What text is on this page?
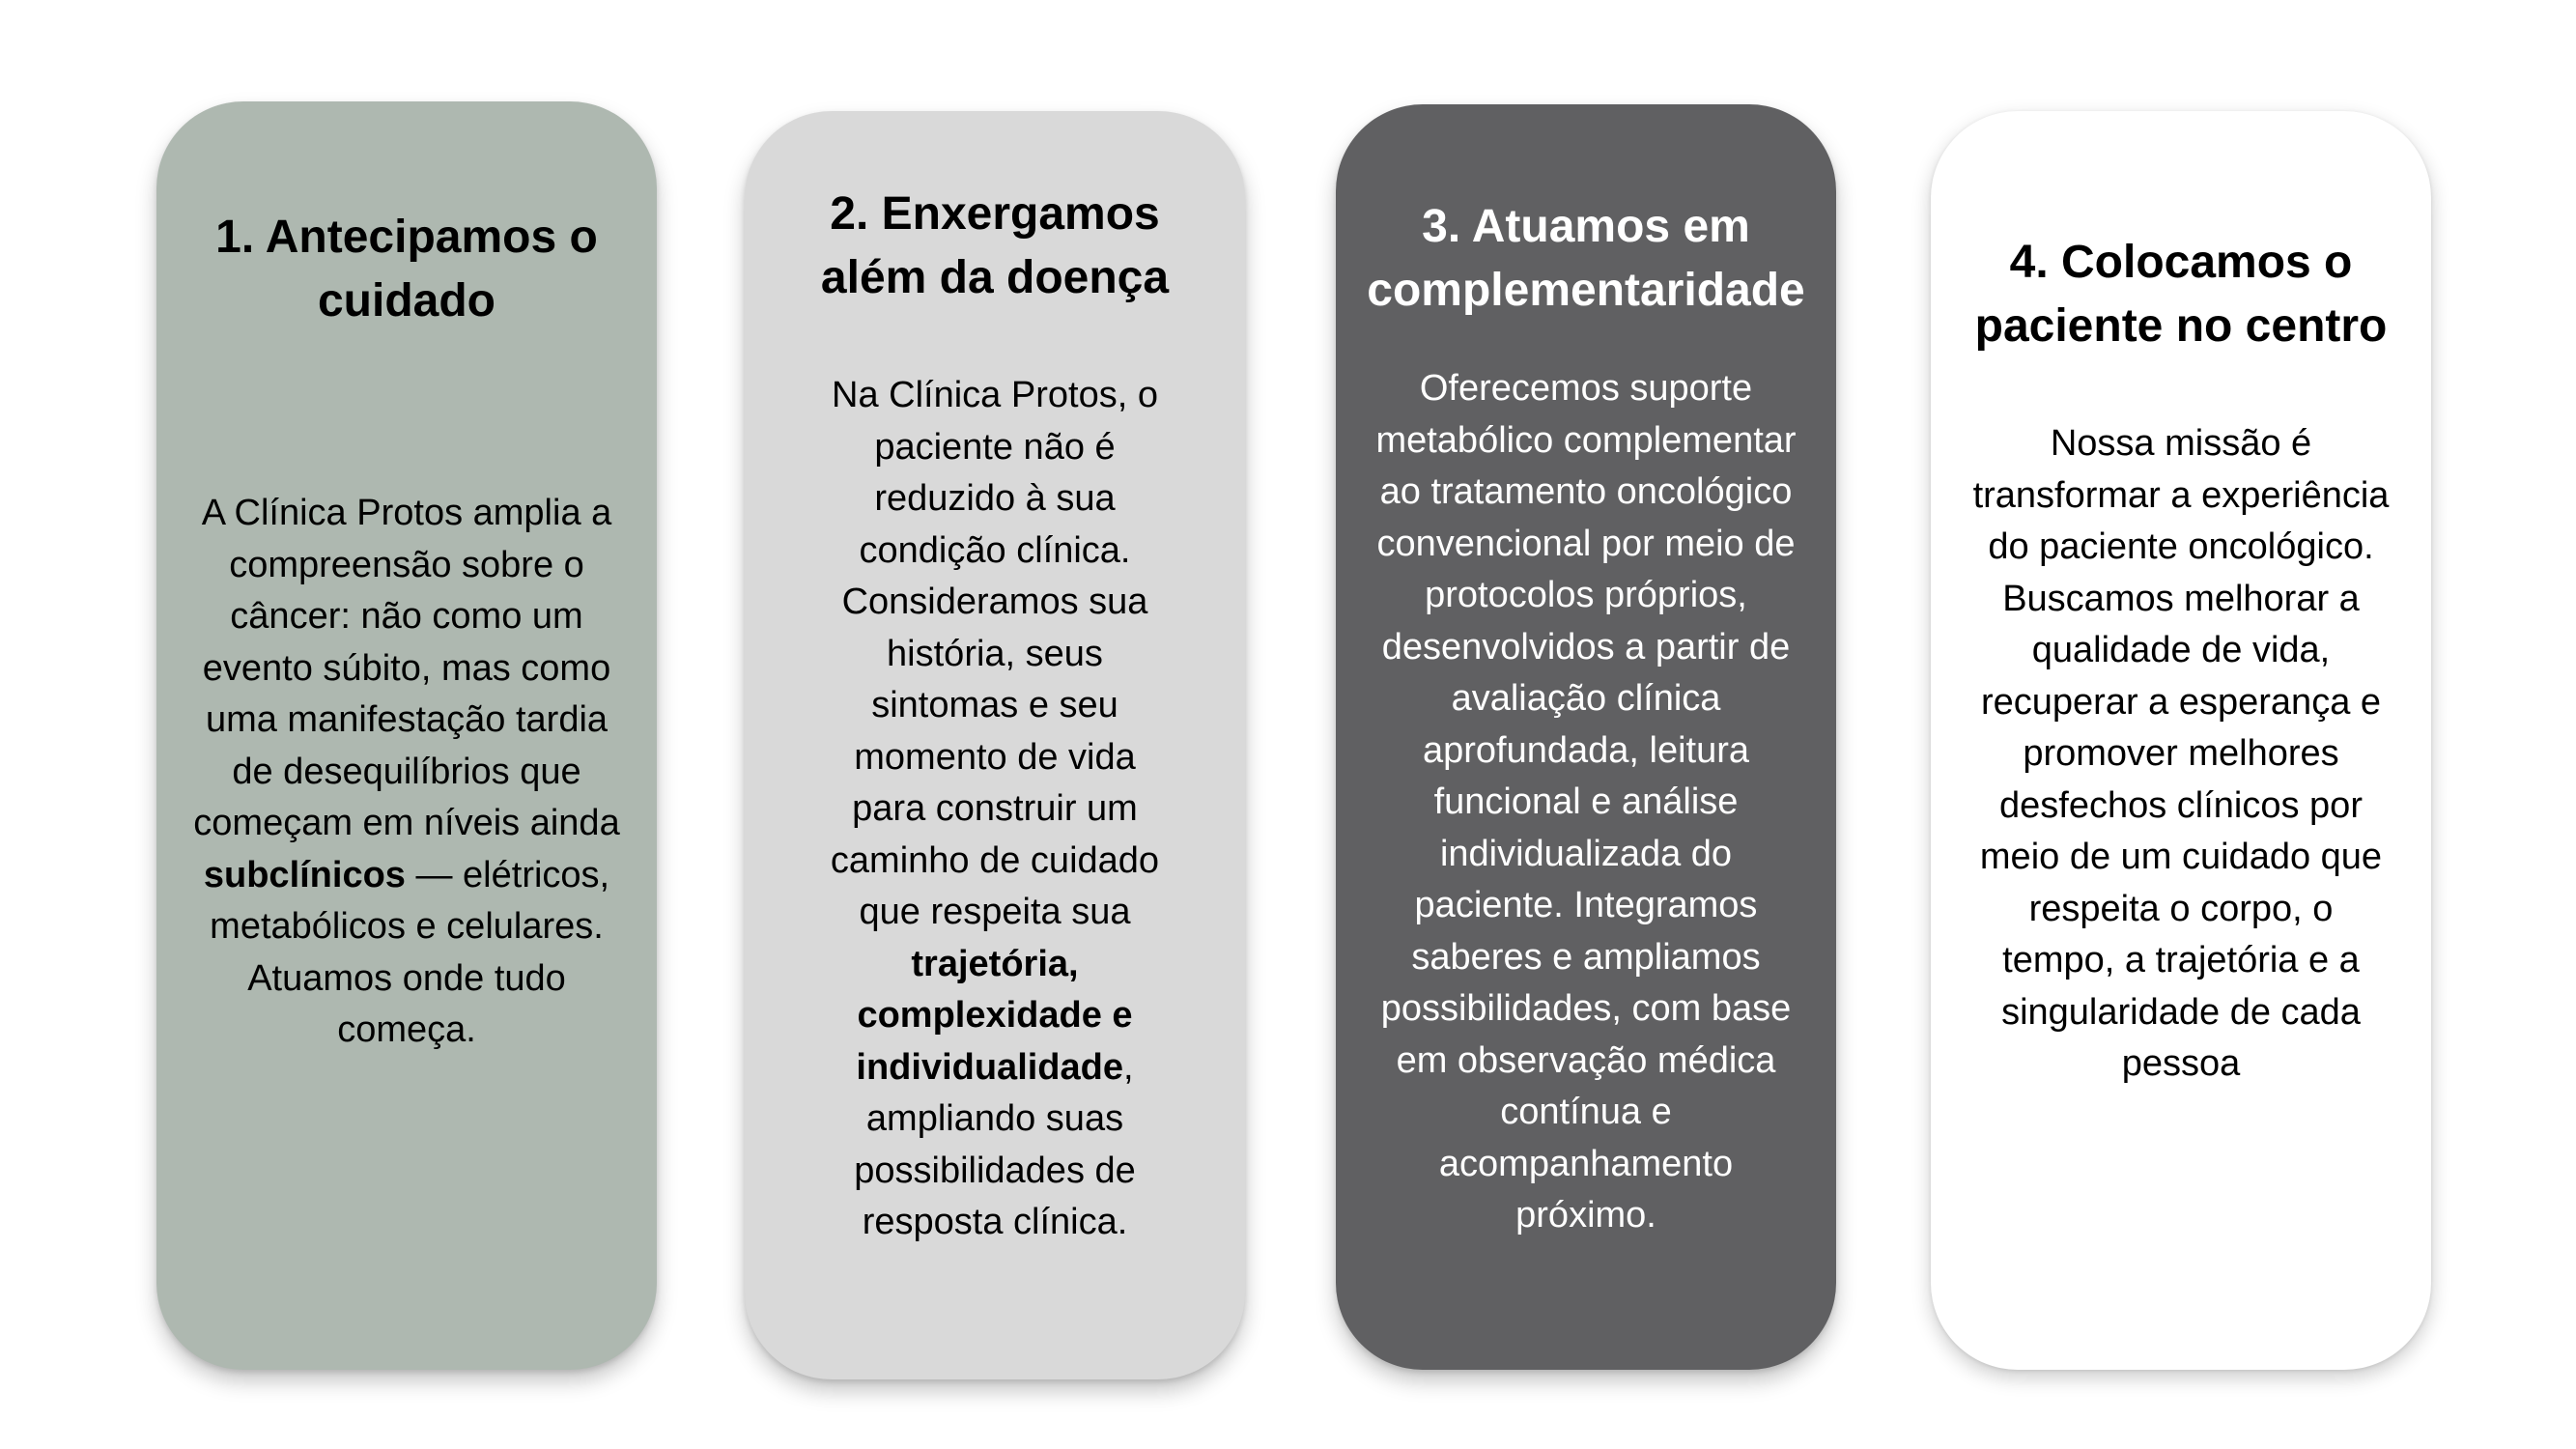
1. Antecipamos o cuidado

A Clínica Protos amplia a compreensão sobre o câncer: não como um evento súbito, mas como uma manifestação tardia de desequilíbrios que começam em níveis ainda subclínicos — elétricos, metabólicos e celulares. Atuamos onde tudo começa.

2. Enxergamos além da doença

Na Clínica Protos, o paciente não é reduzido à sua condição clínica. Consideramos sua história, seus sintomas e seu momento de vida para construir um caminho de cuidado que respeita sua trajetória, complexidade e individualidade, ampliando suas possibilidades de resposta clínica.

3. Atuamos em complementaridade

Oferecemos suporte metabólico complementar ao tratamento oncológico convencional por meio de protocolos próprios, desenvolvidos a partir de avaliação clínica aprofundada, leitura funcional e análise individualizada do paciente. Integramos saberes e ampliamos possibilidades, com base em observação médica contínua e acompanhamento próximo.

4. Colocamos o paciente no centro

Nossa missão é transformar a experiência do paciente oncológico. Buscamos melhorar a qualidade de vida, recuperar a esperança e promover melhores desfechos clínicos por meio de um cuidado que respeita o corpo, o tempo, a trajetória e a singularidade de cada pessoa
